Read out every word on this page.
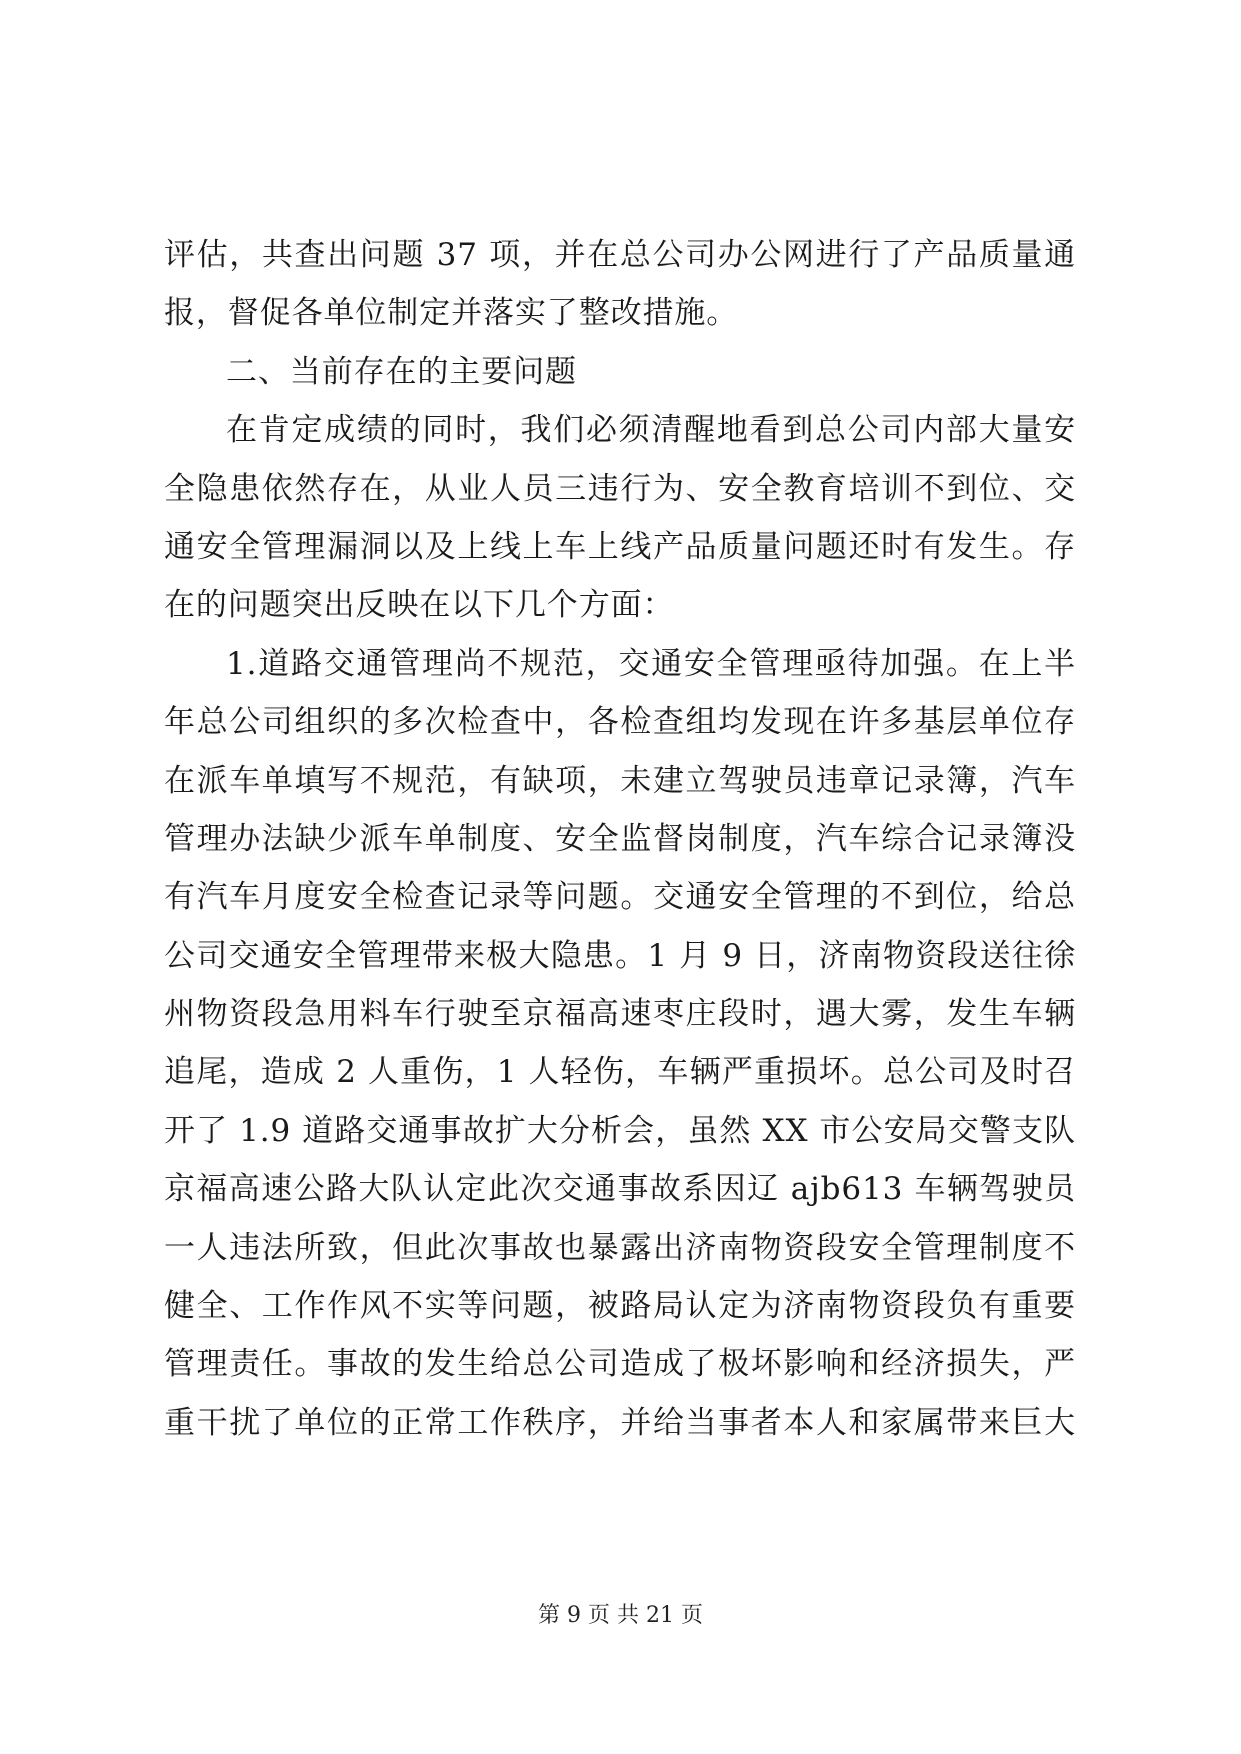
评估，共查出问题 37 项，并在总公司办公网进行了产品质量通
报，督促各单位制定并落实了整改措施。
二、当前存在的主要问题
在肯定成绩的同时，我们必须清醒地看到总公司内部大量安
全隐患依然存在，从业人员三违行为、安全教育培训不到位、交
通安全管理漏洞以及上线上车上线产品质量问题还时有发生。存
在的问题突出反映在以下几个方面：
1.道路交通管理尚不规范，交通安全管理亟待加强。在上半
年总公司组织的多次检查中，各检查组均发现在许多基层单位存
在派车单填写不规范，有缺项，未建立驾驶员违章记录簿，汽车
管理办法缺少派车单制度、安全监督岗制度，汽车综合记录簿没
有汽车月度安全检查记录等问题。交通安全管理的不到位，给总
公司交通安全管理带来极大隐患。1 月 9 日，济南物资段送往徐
州物资段急用料车行驶至京福高速枣庄段时，遇大雾，发生车辆
追尾，造成 2 人重伤，1 人轻伤，车辆严重损坏。总公司及时召
开了 1.9 道路交通事故扩大分析会，虽然 XX 市公安局交警支队
京福高速公路大队认定此次交通事故系因辽 ajb613 车辆驾驶员
一人违法所致，但此次事故也暴露出济南物资段安全管理制度不
健全、工作作风不实等问题，被路局认定为济南物资段负有重要
管理责任。事故的发生给总公司造成了极坏影响和经济损失，严
重干扰了单位的正常工作秩序，并给当事者本人和家属带来巨大
第 9 页 共 21 页
